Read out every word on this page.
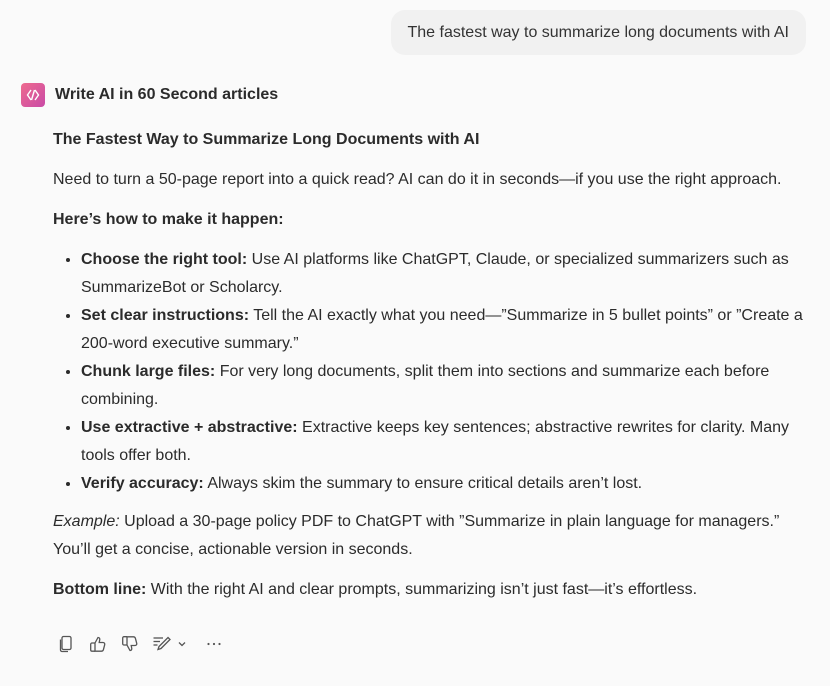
The fastest way to summarize long documents with AI
Write AI in 60 Second articles

The Fastest Way to Summarize Long Documents with AI

Need to turn a 50-page report into a quick read? AI can do it in seconds—if you use the right approach.

Here’s how to make it happen:

• Choose the right tool: Use AI platforms like ChatGPT, Claude, or specialized summarizers such as SummarizeBot or Scholarcy.
• Set clear instructions: Tell the AI exactly what you need—”Summarize in 5 bullet points” or ”Create a 200-word executive summary.”
• Chunk large files: For very long documents, split them into sections and summarize each before combining.
• Use extractive + abstractive: Extractive keeps key sentences; abstractive rewrites for clarity. Many tools offer both.
• Verify accuracy: Always skim the summary to ensure critical details aren’t lost.

Example: Upload a 30-page policy PDF to ChatGPT with ”Summarize in plain language for managers.” You’ll get a concise, actionable version in seconds.

Bottom line: With the right AI and clear prompts, summarizing isn’t just fast—it’s effortless.
